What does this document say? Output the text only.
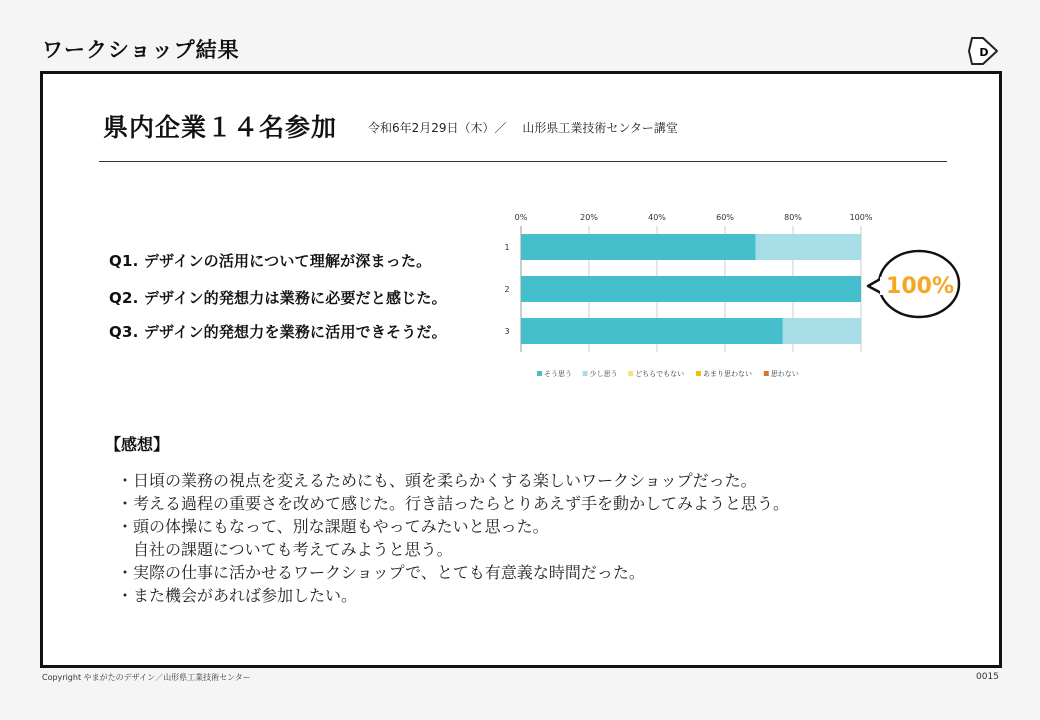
ワークショップ結果	D
県内企業１４名参加	令和6年2月29日（木）／　 山形県工業技術センター講堂
Q1. デザインの活用について理解が深まった。
Q2. デザイン的発想力は業務に必要だと感じた。
Q3. デザイン的発想力を業務に活用できそうだ。
0%	20%	40%	60%	80%	100%
1
2
3
そう思う	少し思う	どちらでもない	あまり思わない	思わない
100%
【感想】
・日頃の業務の視点を変えるためにも、頭を柔らかくする楽しいワークショップだった。
・考える過程の重要さを改めて感じた。行き詰ったらとりあえず手を動かしてみようと思う。
・頭の体操にもなって、別な課題もやってみたいと思った。
　自社の課題についても考えてみようと思う。
・実際の仕事に活かせるワークショップで、とても有意義な時間だった。
・また機会があれば参加したい。
Copyright やまがたのデザイン／山形県工業技術センター	0015
